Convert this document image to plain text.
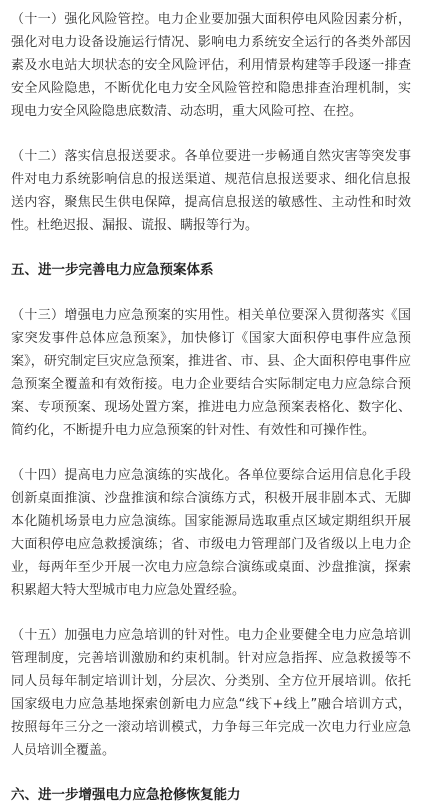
（十一）强化风险管控。电力企业要加强大面积停电风险因素分析，强化对电力设备设施运行情况、影响电力系统安全运行的各类外部因素及水电站大坝状态的安全风险评估，利用情景构建等手段逐一排查安全风险隐患，不断优化电力安全风险管控和隐患排查治理机制，实现电力安全风险隐患底数清、动态明，重大风险可控、在控。

（十二）落实信息报送要求。各单位要进一步畅通自然灾害等突发事件对电力系统影响信息的报送渠道、规范信息报送要求、细化信息报送内容，聚焦民生供电保障，提高信息报送的敏感性、主动性和时效性。杜绝迟报、漏报、谎报、瞒报等行为。

五、进一步完善电力应急预案体系

（十三）增强电力应急预案的实用性。相关单位要深入贯彻落实《国家突发事件总体应急预案》，加快修订《国家大面积停电事件应急预案》，研究制定巨灾应急预案，推进省、市、县、企大面积停电事件应急预案全覆盖和有效衔接。电力企业要结合实际制定电力应急综合预案、专项预案、现场处置方案，推进电力应急预案表格化、数字化、简约化，不断提升电力应急预案的针对性、有效性和可操作性。

（十四）提高电力应急演练的实战化。各单位要综合运用信息化手段创新桌面推演、沙盘推演和综合演练方式，积极开展非剧本式、无脚本化随机场景电力应急演练。国家能源局选取重点区域定期组织开展大面积停电应急救援演练；省、市级电力管理部门及省级以上电力企业，每两年至少开展一次电力应急综合演练或桌面、沙盘推演，探索积累超大特大型城市电力应急处置经验。

（十五）加强电力应急培训的针对性。电力企业要健全电力应急培训管理制度，完善培训激励和约束机制。针对应急指挥、应急救援等不同人员每年制定培训计划，分层次、分类别、全方位开展培训。依托国家级电力应急基地探索创新电力应急“线下+线上”融合培训方式，按照每年三分之一滚动培训模式，力争每三年完成一次电力行业应急人员培训全覆盖。

六、进一步增强电力应急抢修恢复能力
